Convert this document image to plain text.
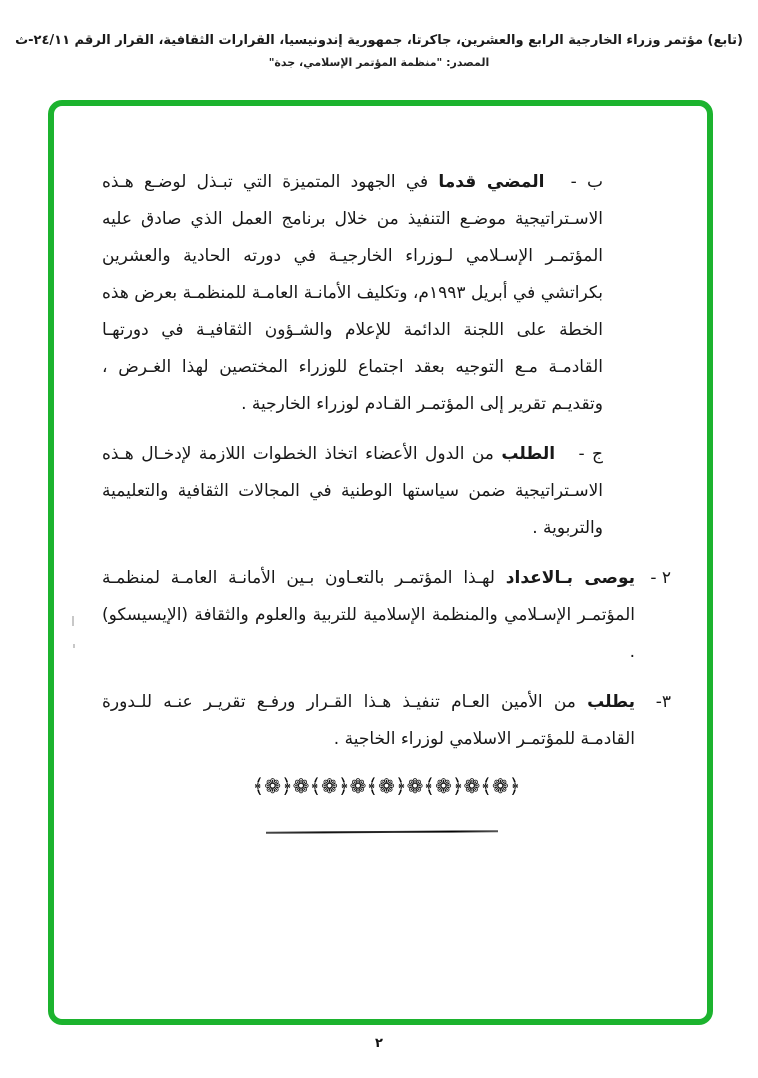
(تابع) مؤتمر وزراء الخارجية الرابع والعشرين، جاكرتا، جمهورية إندونيسيا، القرارات الثقافية، القرار الرقم ٢٤/١١-ث
المصدر: "منظمة المؤتمر الإسلامي، جدة"

ب - المضي قدما في الجهود المتميزة التي تبـذل لوضـع هـذه الاسـتراتيجية موضـع التنفيذ من خلال برنامج العمل الذي صادق عليه المؤتمـر الإسـلامي لـوزراء الخارجيـة في دورته الحادية والعشرين بكراتشي في أبريل ١٩٩٣م، وتكليف الأمانـة العامـة للمنظمـة بعرض هذه الخطة على اللجنة الدائمة للإعلام والشـؤون الثقافيـة في دورتهـا القادمـة مـع التوجيه بعقد اجتماع للوزراء المختصين لهذا الغـرض ، وتقديـم تقرير إلى المؤتمـر القـادم لوزراء الخارجية .

ج - الطلب من الدول الأعضاء اتخاذ الخطوات اللازمة لإدخـال هـذه الاسـتراتيجية ضمن سياستها الوطنية في المجالات الثقافية والتعليمية والتربوية .

٢ -
يوصى بـالاعداد لهـذا المؤتمـر بالتعـاون بـين الأمانـة العامـة لمنظمـة المؤتمـر الإسـلامي والمنظمة الإسلامية للتربية والعلوم والثقافة (الإيسيسكو) .
٣-
يطلب من الأمين العـام تنفيـذ هـذا القـرار ورفـع تقريـر عنـه للـدورة القادمـة للمؤتمـر الاسلامي لوزراء الخاجية .
﴾❁﴿❁﴾❁﴿❁﴾❁﴿❁﴾❁﴿❁﴾❁﴿
٢
